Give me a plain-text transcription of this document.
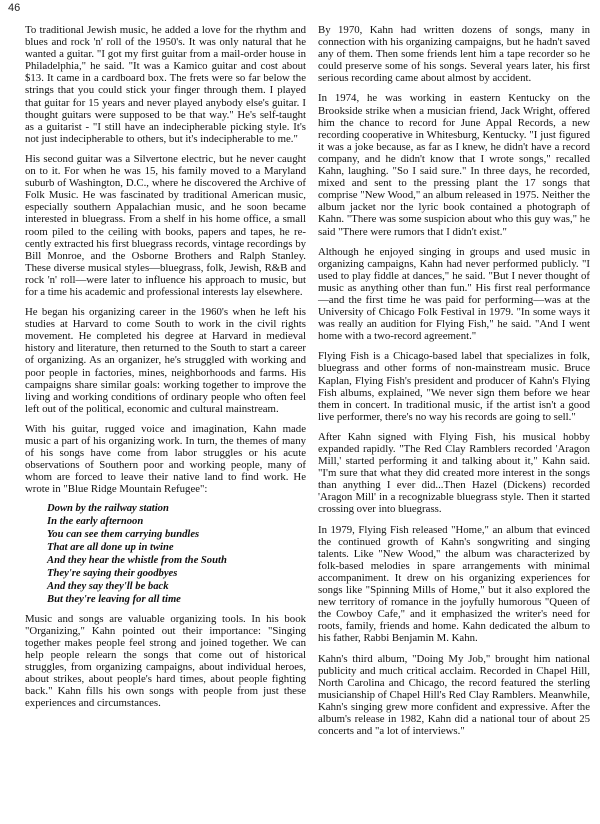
46

To traditional Jewish music, he added a love for the rhythm and blues and rock 'n' roll of the 1950's. It was only natural that he wanted a guitar. "I got my first guitar from a mail-order house in Philadelphia," he said. "It was a Kamico guitar and cost about $13. It came in a cardboard box. The frets were so far below the strings that you could stick your finger through them. I played that guitar for 15 years and never played anybody else's guitar. I thought guitars were supposed to be that way." He's self-taught as a guitarist - "I still have an indecipherable picking style. It's not just indecipherable to others, but it's indecipherable to me."

His second guitar was a Silvertone electric, but he never caught on to it. For when he was 15, his family moved to a Maryland suburb of Washington, D.C., where he discovered the Archive of Folk Music. He was fascinated by traditional American music, especially southern Appalachian music, and he soon became interested in bluegrass. From a shelf in his home office, a small room piled to the ceiling with books, papers and tapes, he recently extracted his first bluegrass records, vintage recordings by Bill Monroe, and the Osborne Brothers and Ralph Stanley. These diverse musical styles—bluegrass, folk, Jewish, R&B and rock 'n' roll—were later to influence his approach to music, but for a time his academic and professional interests lay elsewhere.

He began his organizing career in the 1960's when he left his studies at Harvard to come South to work in the civil rights movement. He completed his degree at Harvard in medieval history and literature, then returned to the South to start a career of organizing. As an organizer, he's struggled with working and poor people in factories, mines, neighborhoods and farms. His campaigns share similar goals: working together to improve the living and working conditions of ordinary people who often feel left out of the political, economic and cultural mainstream.

With his guitar, rugged voice and imagination, Kahn made music a part of his organizing work. In turn, the themes of many of his songs have come from labor struggles or his acute observations of Southern poor and working people, many of whom are forced to leave their native land to find work. He wrote in "Blue Ridge Mountain Refugee":

Down by the railway station
In the early afternoon
You can see them carrying bundles
That are all done up in twine
And they hear the whistle from the South
They're saying their goodbyes
And they say they'll be back
But they're leaving for all time

Music and songs are valuable organizing tools. In his book "Organizing," Kahn pointed out their importance: "Singing together makes people feel strong and joined together. We can help people relearn the songs that come out of historical struggles, from organizing campaigns, about individual heroes, about strikes, about people's hard times, about people fighting back." Kahn fills his own songs with people from just these experiences and circumstances.

By 1970, Kahn had written dozens of songs, many in connection with his organizing campaigns, but he hadn't saved any of them. Then some friends lent him a tape recorder so he could preserve some of his songs. Several years later, his first serious recording came about almost by accident.

In 1974, he was working in eastern Kentucky on the Brookside strike when a musician friend, Jack Wright, offered him the chance to record for June Appal Records, a new recording cooperative in Whitesburg, Kentucky. "I just figured it was a joke because, as far as I knew, he didn't have a record company, and he didn't know that I wrote songs," recalled Kahn, laughing. "So I said sure." In three days, he recorded, mixed and sent to the pressing plant the 17 songs that comprise "New Wood," an album released in 1975. Neither the album jacket nor the lyric book contained a photograph of Kahn. "There was some suspicion about who this guy was," he said "There were rumors that I didn't exist."

Although he enjoyed singing in groups and used music in organizing campaigns, Kahn had never performed publicly. "I used to play fiddle at dances," he said. "But I never thought of music as anything other than fun." His first real performance—and the first time he was paid for performing—was at the University of Chicago Folk Festival in 1979. "In some ways it was really an audition for Flying Fish," he said. "And I went home with a two-record agreement."

Flying Fish is a Chicago-based label that specializes in folk, bluegrass and other forms of non-mainstream music. Bruce Kaplan, Flying Fish's president and producer of Kahn's Flying Fish albums, explained, "We never sign them before we hear them in concert. In traditional music, if the artist isn't a good live performer, there's no way his records are going to sell."

After Kahn signed with Flying Fish, his musical hobby expanded rapidly. "The Red Clay Ramblers recorded 'Aragon Mill,' started performing it and talking about it," Kahn said. "I'm sure that what they did created more interest in the songs than anything I ever did...Then Hazel (Dickens) recorded 'Aragon Mill' in a recognizable bluegrass style. Then it started crossing over into bluegrass.

In 1979, Flying Fish released "Home," an album that evinced the continued growth of Kahn's songwriting and singing talents. Like "New Wood," the album was characterized by folk-based melodies in spare arrangements with minimal accompaniment. It drew on his organizing experiences for songs like "Spinning Mills of Home," but it also explored the new territory of romance in the joyfully humorous "Queen of the Cowboy Cafe," and it emphasized the writer's need for roots, family, friends and home. Kahn dedicated the album to his father, Rabbi Benjamin M. Kahn.

Kahn's third album, "Doing My Job," brought him national publicity and much critical acclaim. Recorded in Chapel Hill, North Carolina and Chicago, the record featured the sterling musicianship of Chapel Hill's Red Clay Ramblers. Meanwhile, Kahn's singing grew more confident and expressive. After the album's release in 1982, Kahn did a national tour of about 25 concerts and "a lot of interviews."
